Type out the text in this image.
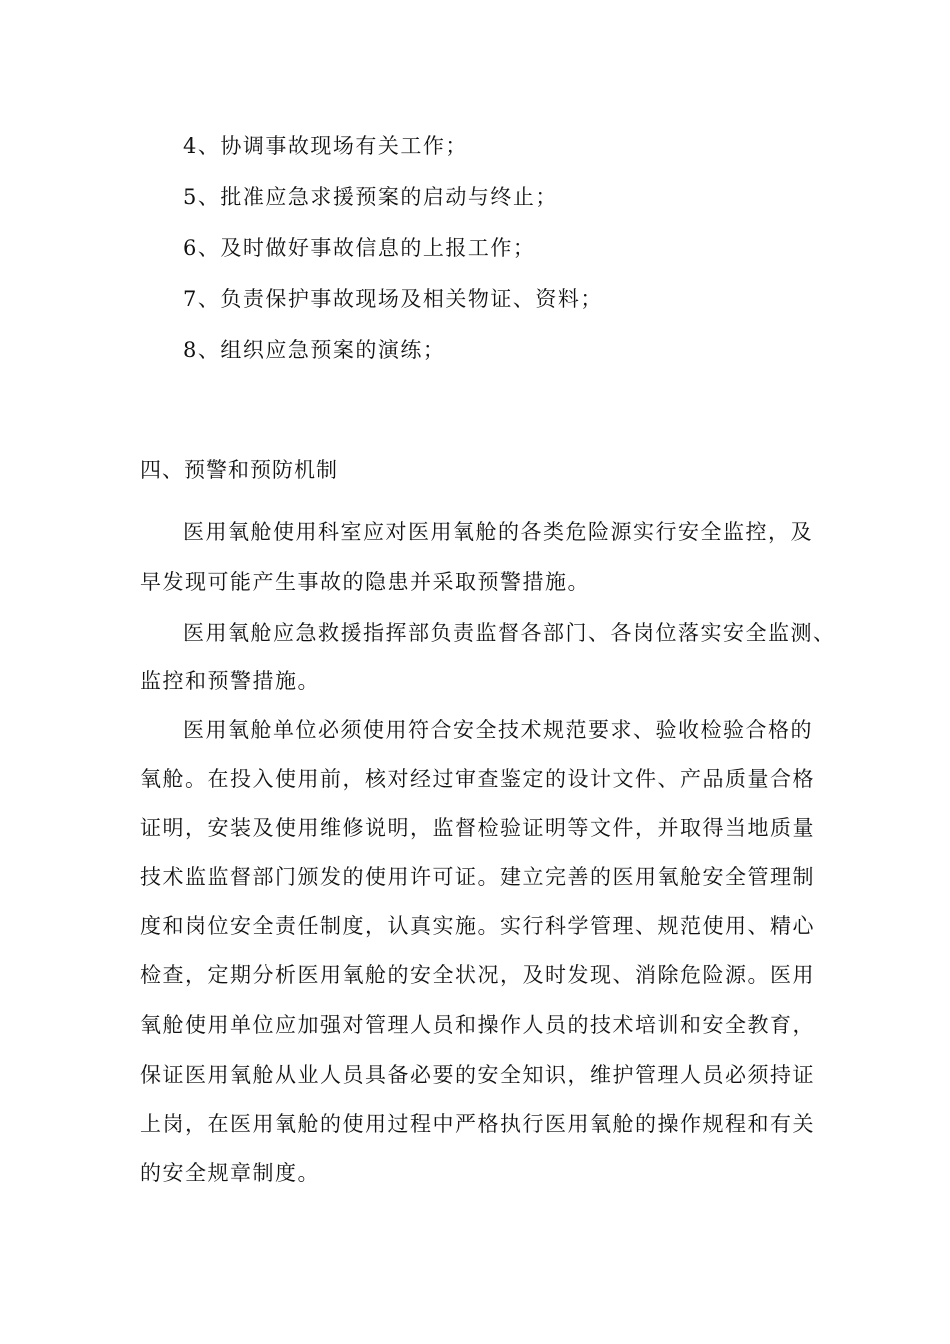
4、协调事故现场有关工作；
5、批准应急求援预案的启动与终止；
6、及时做好事故信息的上报工作；
7、负责保护事故现场及相关物证、资料；
8、组织应急预案的演练；
四、预警和预防机制
医用氧舱使用科室应对医用氧舱的各类危险源实行安全监控，及
早发现可能产生事故的隐患并采取预警措施。
医用氧舱应急救援指挥部负责监督各部门、各岗位落实安全监测、
监控和预警措施。
医用氧舱单位必须使用符合安全技术规范要求、验收检验合格的
氧舱。在投入使用前，核对经过审查鉴定的设计文件、产品质量合格
证明，安装及使用维修说明，监督检验证明等文件，并取得当地质量
技术监监督部门颁发的使用许可证。建立完善的医用氧舱安全管理制
度和岗位安全责任制度，认真实施。实行科学管理、规范使用、精心
检查，定期分析医用氧舱的安全状况，及时发现、消除危险源。医用
氧舱使用单位应加强对管理人员和操作人员的技术培训和安全教育，
保证医用氧舱从业人员具备必要的安全知识，维护管理人员必须持证
上岗，在医用氧舱的使用过程中严格执行医用氧舱的操作规程和有关
的安全规章制度。
